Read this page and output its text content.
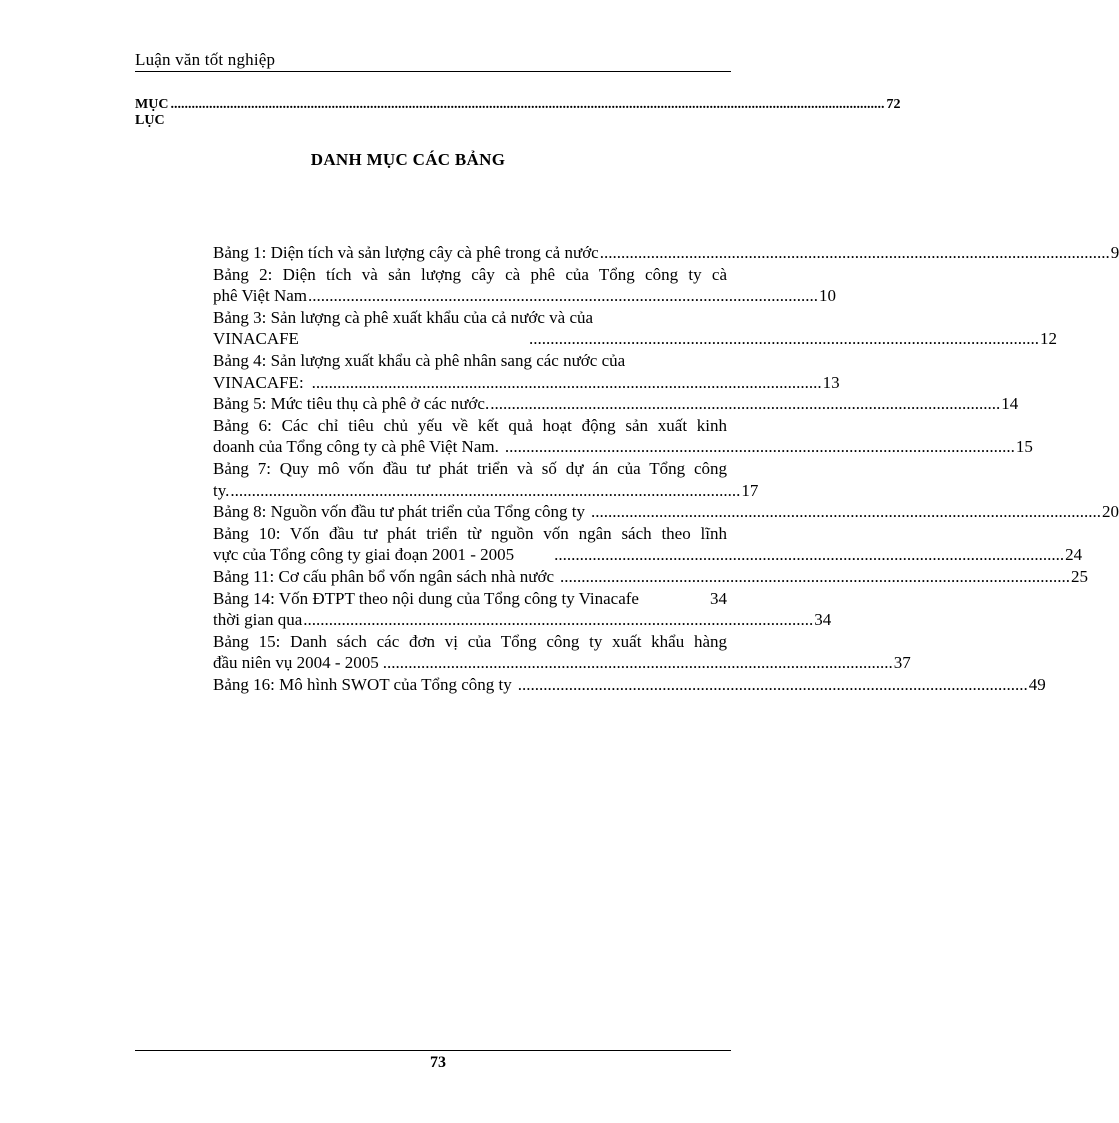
Luận văn tốt nghiệp
MỤC LỤC
............................................................................................................................................................................................................ 72
DANH MỤC CÁC BẢNG
Bảng 1: Diện tích và sản lượng cây cà phê trong cả nước ........................................................................................................................ 9
Bảng 2: Diện tích và sản lượng cây cà phê của Tổng công ty cà
phê Việt Nam ........................................................................................................................ 10
Bảng 3: Sản lượng cà phê xuất khẩu của cả nước và của
VINACAFE	........................................................................................................................ 12
Bảng 4: Sản lượng xuất khẩu cà phê nhân sang các nước của
VINACAFE: ........................................................................................................................ 13
Bảng 5: Mức tiêu thụ cà phê ở các nước. ........................................................................................................................ 14
Bảng 6: Các chỉ tiêu chủ yếu về kết quả hoạt động sản xuất kinh
doanh của Tổng công ty cà phê Việt Nam. ........................................................................................................................ 15
Bảng 7: Quy mô vốn đầu tư phát triển và số dự án của Tổng công
ty. ........................................................................................................................ 17
Bảng 8: Nguồn vốn đầu tư phát triển của Tổng công ty ........................................................................................................................ 20
Bảng 10: Vốn đầu tư phát triển từ nguồn vốn ngân sách theo lĩnh
vực của Tổng công ty giai đoạn 2001 - 2005 ........................................................................................................................ 24
Bảng 11: Cơ cấu phân bổ vốn ngân sách nhà nước ........................................................................................................................ 25
Bảng 14: Vốn ĐTPT theo nội dung của Tổng công ty Vinacafe	34
thời gian qua ........................................................................................................................ 34
Bảng 15: Danh sách các đơn vị của Tổng công ty xuất khẩu hàng
đầu niên vụ 2004 - 2005 ........................................................................................................................ 37
Bảng 16: Mô hình SWOT của Tổng công ty ........................................................................................................................ 49
73
